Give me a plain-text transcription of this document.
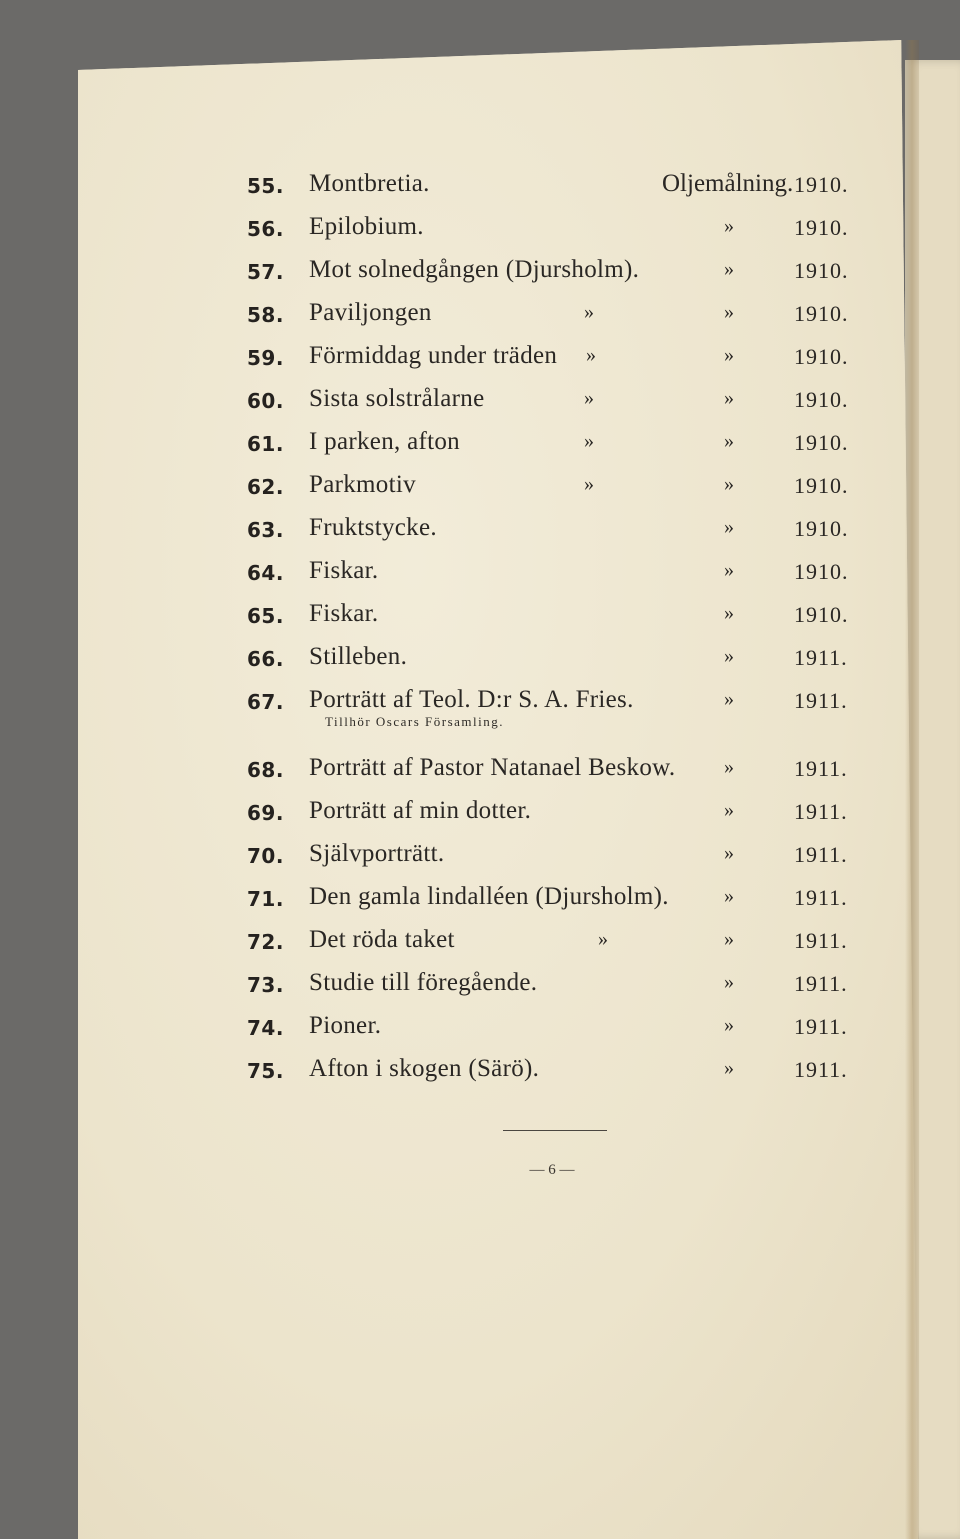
55. Montbretia.	Oljemålning. 1910.
56. Epilobium.	»	1910.
57. Mot solnedgången (Djursholm).	»	1910.
58. Paviljongen	»	»	1910.
59. Förmiddag under träden »	»	1910.
60. Sista solstrålarne	»	»	1910.
61. I parken, afton	»	»	1910.
62. Parkmotiv	»	»	1910.
63. Fruktstycke.	»	1910.
64. Fiskar.	»	1910.
65. Fiskar.	»	1910.
66. Stilleben.	»	1911.
67. Porträtt af Teol. D:r S. A. Fries.	»	1911.
68. Porträtt af Pastor Natanael Beskow. »	1911.
69. Porträtt af min dotter.	»	1911.
70. Självporträtt.	»	1911.
71. Den gamla lindalléen (Djursholm).	»	1911.
72. Det röda taket	»	»	1911.
73. Studie till föregående.	»	1911.
74. Pioner.	»	1911.
75. Afton i skogen (Särö).	»	1911.
Tillhör Oscars Församling.
— 6 —
